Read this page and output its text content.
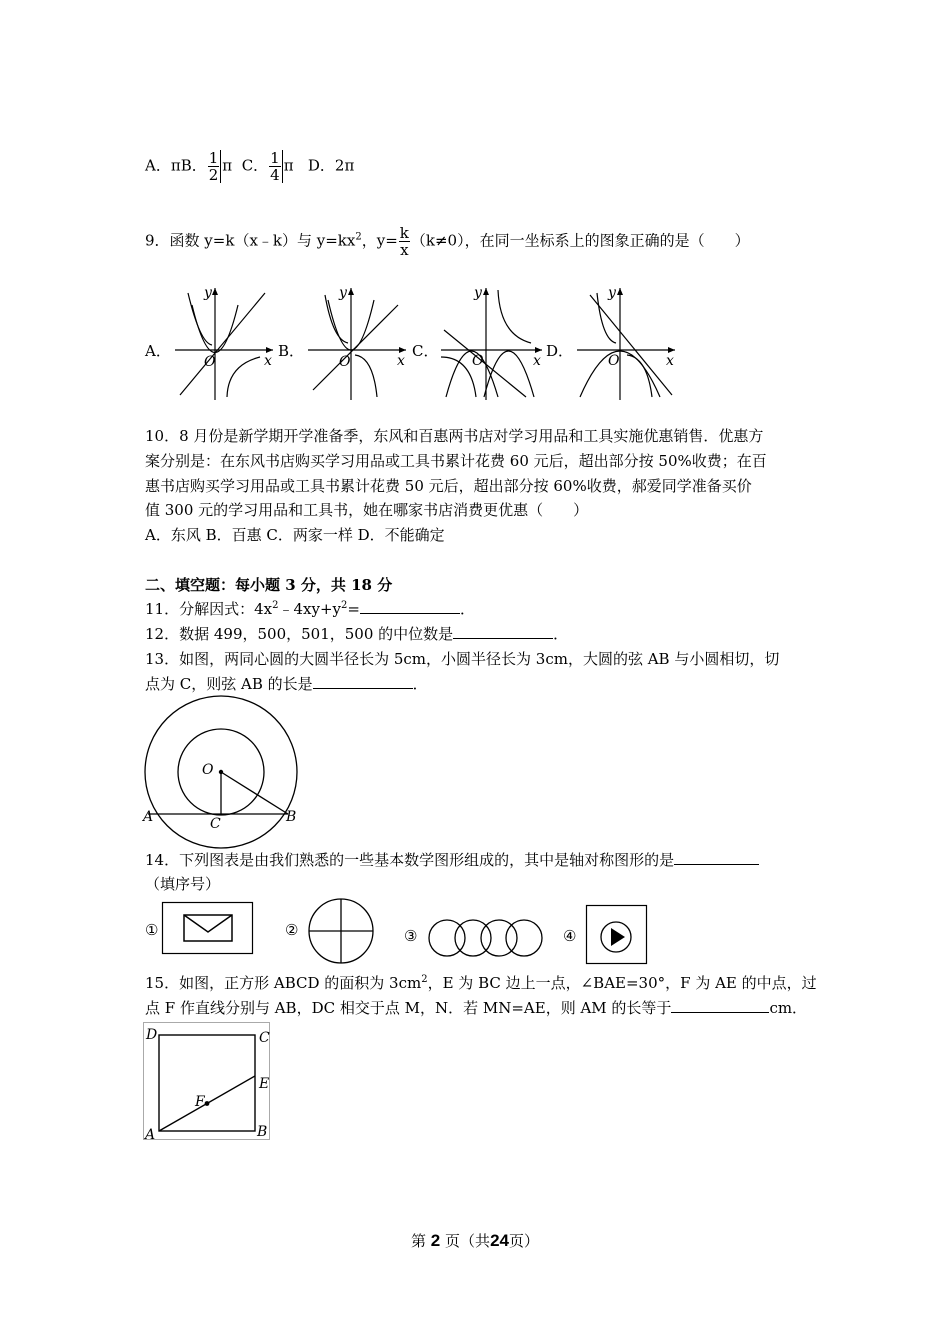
A．πB． $\frac{1}{2}$ π C． $\frac{1}{4}$ π D．2π
9．函数 y=k（x﹣k）与 $y=kx^2$，$y= \frac{k}{x} (k\ne 0)$，在同一坐标系上的图象正确的是（　　）
A．	B．	C．	D．
O	x
y
O	x
y
O	x
y
O	x
y
10．8 月份是新学期开学准备季，东风和百惠两书店对学习用品和工具实施优惠销售．优惠方
案分别是：在东风书店购买学习用品或工具书累计花费 60 元后，超出部分按 50%收费；在百
惠书店购买学习用品或工具书累计花费 50 元后，超出部分按 60%收费，郝爱同学准备买价
值 300 元的学习用品和工具书，她在哪家书店消费更优惠（　　）
A．东风 B．百惠 C．两家一样 D．不能确定
二、填空题：每小题 3 分，共 18 分
11．分解因式：$4x^2﹣4xy+y^2=$	．
12．数据 499，500，501，500 的中位数是	．
13．如图，两同心圆的大圆半径长为 5cm，小圆半径长为 3cm，大圆的弦 AB 与小圆相切，切
点为 C，则弦 AB 的长是	．
O
A	B
C
14．下列图表是由我们熟悉的一些基本数学图形组成的，其中是轴对称图形的是
（填序号）
①	②	③	④
15．如图，正方形 ABCD 的面积为 $3cm^2$，E 为 BC 边上一点，∠BAE=30°，F 为 AE 的中点，过
点 F 作直线分别与 AB，DC 相交于点 M，N．若 MN=AE，则 AM 的长等于	cm．
D	C
E
F
A	B
第 2 页（共24页）
